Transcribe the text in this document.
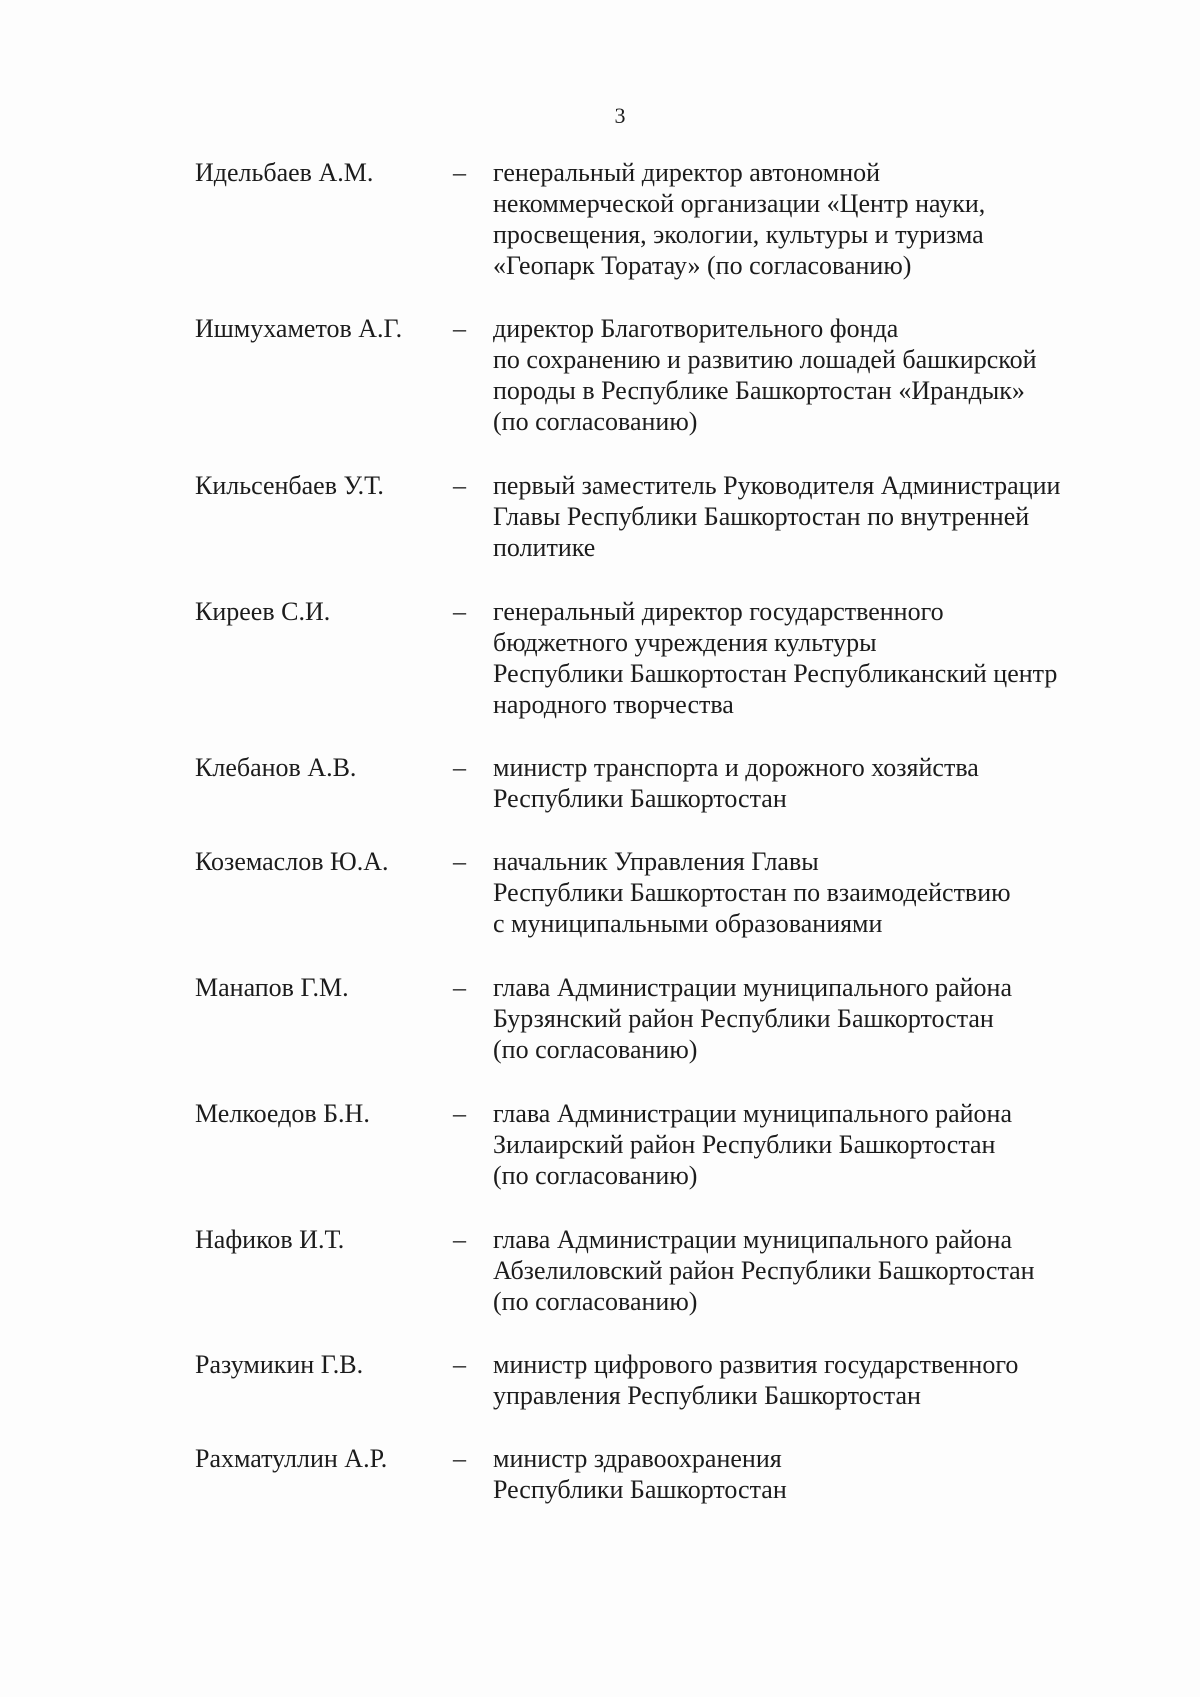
3
Идельбаев А.М.	– генеральный директор автономной
некоммерческой организации «Центр науки,
просвещения, экологии, культуры и туризма
«Геопарк Торатау» (по согласованию)
Ишмухаметов А.Г. – директор Благотворительного фонда
по сохранению и развитию лошадей башкирской
породы в Республике Башкортостан «Ирандык»
(по согласованию)
Кильсенбаев У.Т.	– первый заместитель Руководителя Администрации
Главы Республики Башкортостан по внутренней
политике
Киреев С.И.	– генеральный директор государственного
бюджетного учреждения культуры
Республики Башкортостан Республиканский центр
народного творчества
Клебанов А.В.	– министр транспорта и дорожного хозяйства
Республики Башкортостан
Коземаслов Ю.А. – начальник Управления Главы
Республики Башкортостан по взаимодействию
с муниципальными образованиями
Манапов Г.М.	– глава Администрации муниципального района
Бурзянский район Республики Башкортостан
(по согласованию)
Мелкоедов Б.Н.	– глава Администрации муниципального района
Зилаирский район Республики Башкортостан
(по согласованию)
Нафиков И.Т.	– глава Администрации муниципального района
Абзелиловский район Республики Башкортостан
(по согласованию)
Разумикин Г.В.	– министр цифрового развития государственного
управления Республики Башкортостан
Рахматуллин А.Р.	– министр здравоохранения
Республики Башкортостан
